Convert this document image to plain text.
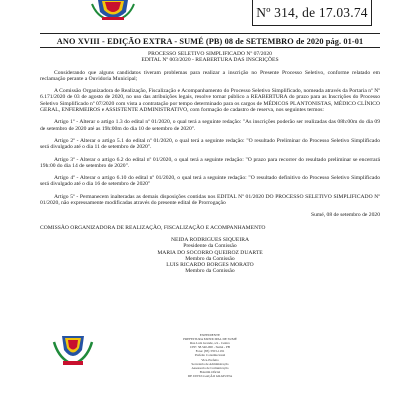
Nº 314, de 17.03.74
ANO XVIII - EDIÇÃO EXTRA - SUMÉ (PB) 08 de SETEMBRO de 2020 pág. 01-01
PROCESSO SELETIVO SIMPLIFICADO Nº 07/2020
EDITAL Nº 003/2020 - REABERTURA DAS INSCRIÇÕES

Considerando que alguns candidatos tiveram problemas para realizar a inscrição no Presente Processo Seletivo, conforme relatado em reclamação perante a Ouvidoria Municipal;

A Comissão Organizadora de Realização, Fiscalização e Acompanhamento do Processo Seletivo Simplificado, nomeada através da Portaria nº Nº 6.171/2020 de 03 de agosto de 2020, no uso das atribuições legais, resolve tornar público a REABERTURA do prazo para as Inscrições do Processo Seletivo Simplificado nº 07/2020 com vista a contratação por tempo determinado para os cargos de MÉDICOS PLANTONISTAS, MÉDICO CLÍNICO GERAL, ENFERMEIROS e ASSISTENTE ADMINISTRATIVO, com formação de cadastro de reserva, nos seguintes termos:

Artigo 1º - Alterar o artigo 1.3 do edital nº 01/2020, o qual terá a seguinte redação: "As inscrições poderão ser realizadas das 08h:00m do dia 09 de setembro de 2020 até as 19h:00m do dia 10 de setembro de 2020".

Artigo 2º - Alterar o artigo 5.1 do edital nº 01/2020, o qual terá a seguinte redação: "O resultado Preliminar do Processo Seletivo Simplificado será divulgado até o dia 11 de setembro de 2020".

Artigo 3º - Alterar o artigo 6.2 do edital nº 01/2020, o qual terá a seguinte redação: "O prazo para recorrer do resultado preliminar se encerrará 19h:00 do dia 14 de setembro de 2020".

Artigo 4º - Alterar o artigo 6.10 do edital nº 01/2020, o qual terá a seguinte redação: "O resultado definitivo do Processo Seletivo Simplificado será divulgado até o dia 16 de setembro de 2020"

Artigo 5º - Permanecem inalteradas as demais disposições contidas nos EDITAL Nº 01/2020 DO PROCESSO SELETIVO SIMPLIFICADO Nº 01/2020, não expressamente modificadas através do presente edital de Prorrogação

Sumé, 08 de setembro de 2020
COMISSÃO ORGANIZADORA DE REALIZAÇÃO, FISCALIZAÇÃO E ACOMPANHAMENTO
NEIDA RODRIGUES SIQUEIRA
Presidente da Comissão
MARIA DO SOCORRO QUEIROZ DUARTE
Membro da Comissão
LUIS RICARDO BORGES MORATO
Membro da Comissão
EXPEDIENTE
PREFEITURA MUNICIPAL DE SUMÉ
Rua Luiz Grande, s/n - Centro
CEP: 58.540-000 - Sumé - PB
Fone: (83) 3353-1191
Prefeito Constitucional
Vice-Prefeito
Secretaria de Administração
Assessoria de Comunicação
Boletim Oficial
DE DIVULGAÇÃO GRATUITA
